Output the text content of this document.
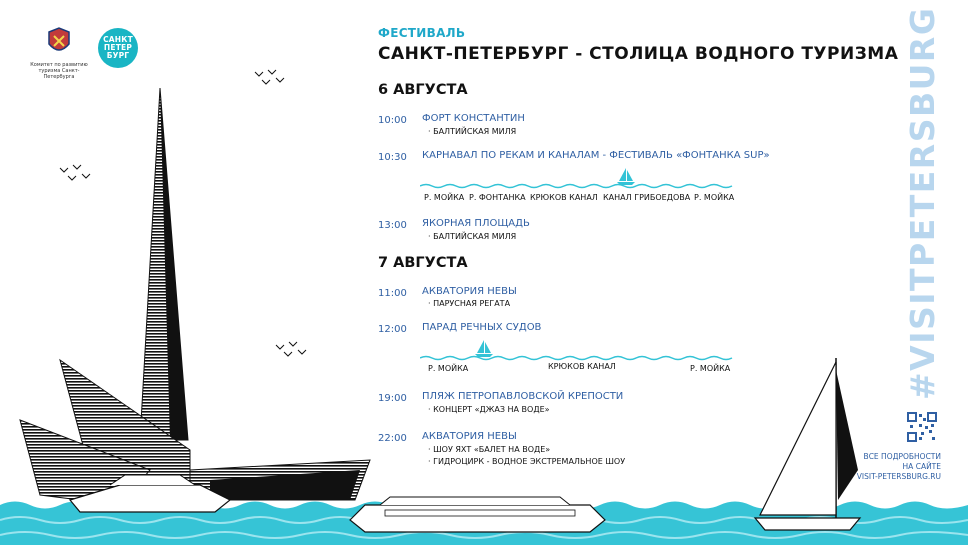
Комитет по развитию туризма Санкт-Петербурга
САНКТ
ПЕТЕР
БУРГ
ФЕСТИВАЛЬ
САНКТ-ПЕТЕРБУРГ - СТОЛИЦА ВОДНОГО ТУРИЗМА
6 АВГУСТА
10:00 ФОРТ КОНСТАНТИН
· БАЛТИЙСКАЯ МИЛЯ
10:30 КАРНАВАЛ ПО РЕКАМ И КАНАЛАМ - ФЕСТИВАЛЬ «ФОНТАНКА SUP»
Р. МОЙКА Р. ФОНТАНКА КРЮКОВ КАНАЛ КАНАЛ ГРИБОЕДОВА Р. МОЙКА
13:00 ЯКОРНАЯ ПЛОЩАДЬ
· БАЛТИЙСКАЯ МИЛЯ
7 АВГУСТА
11:00 АКВАТОРИЯ НЕВЫ
· ПАРУСНАЯ РЕГАТА
12:00 ПАРАД РЕЧНЫХ СУДОВ
Р. МОЙКА	КРЮКОВ КАНАЛ	Р. МОЙКА
19:00 ПЛЯЖ ПЕТРОПАВЛОВСКОЙ КРЕПОСТИ
· КОНЦЕРТ «ДЖАЗ НА ВОДЕ»
22:00 АКВАТОРИЯ НЕВЫ
· ШОУ ЯХТ «БАЛЕТ НА ВОДЕ»
· ГИДРОЦИРК - ВОДНОЕ ЭКСТРЕМАЛЬНОЕ ШОУ
#VISITPETERSBURG
ВСЕ ПОДРОБНОСТИ
НА САЙТЕ
VISIT-PETERSBURG.RU
